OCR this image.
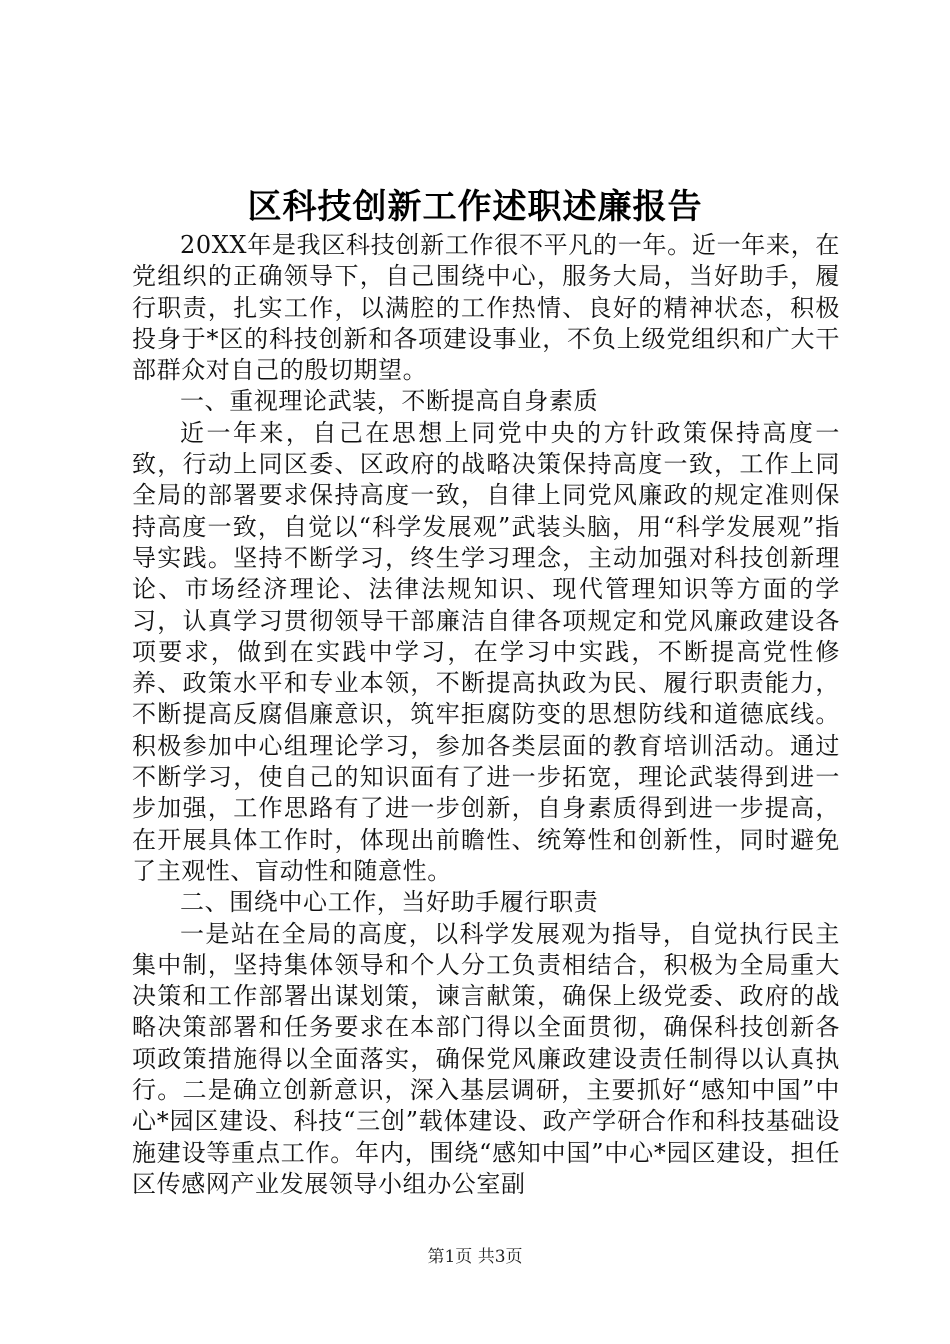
区科技创新工作述职述廉报告

20XX年是我区科技创新工作很不平凡的一年。近一年来，在党组织的正确领导下，自己围绕中心，服务大局，当好助手，履行职责，扎实工作，以满腔的工作热情、良好的精神状态，积极投身于*区的科技创新和各项建设事业，不负上级党组织和广大干部群众对自己的殷切期望。

一、重视理论武装，不断提高自身素质

近一年来，自己在思想上同党中央的方针政策保持高度一致，行动上同区委、区政府的战略决策保持高度一致，工作上同全局的部署要求保持高度一致，自律上同党风廉政的规定准则保持高度一致，自觉以“科学发展观”武装头脑，用“科学发展观”指导实践。坚持不断学习，终生学习理念，主动加强对科技创新理论、市场经济理论、法律法规知识、现代管理知识等方面的学习，认真学习贯彻领导干部廉洁自律各项规定和党风廉政建设各项要求，做到在实践中学习，在学习中实践，不断提高党性修养、政策水平和专业本领，不断提高执政为民、履行职责能力，不断提高反腐倡廉意识，筑牢拒腐防变的思想防线和道德底线。积极参加中心组理论学习，参加各类层面的教育培训活动。通过不断学习，使自己的知识面有了进一步拓宽，理论武装得到进一步加强，工作思路有了进一步创新，自身素质得到进一步提高，在开展具体工作时，体现出前瞻性、统筹性和创新性，同时避免了主观性、盲动性和随意性。

二、围绕中心工作，当好助手履行职责

一是站在全局的高度，以科学发展观为指导，自觉执行民主集中制，坚持集体领导和个人分工负责相结合，积极为全局重大决策和工作部署出谋划策，谏言献策，确保上级党委、政府的战略决策部署和任务要求在本部门得以全面贯彻，确保科技创新各项政策措施得以全面落实，确保党风廉政建设责任制得以认真执行。二是确立创新意识，深入基层调研，主要抓好“感知中国”中心*园区建设、科技“三创”载体建设、政产学研合作和科技基础设施建设等重点工作。年内，围绕“感知中国”中心*园区建设，担任区传感网产业发展领导小组办公室副

第1页 共3页
